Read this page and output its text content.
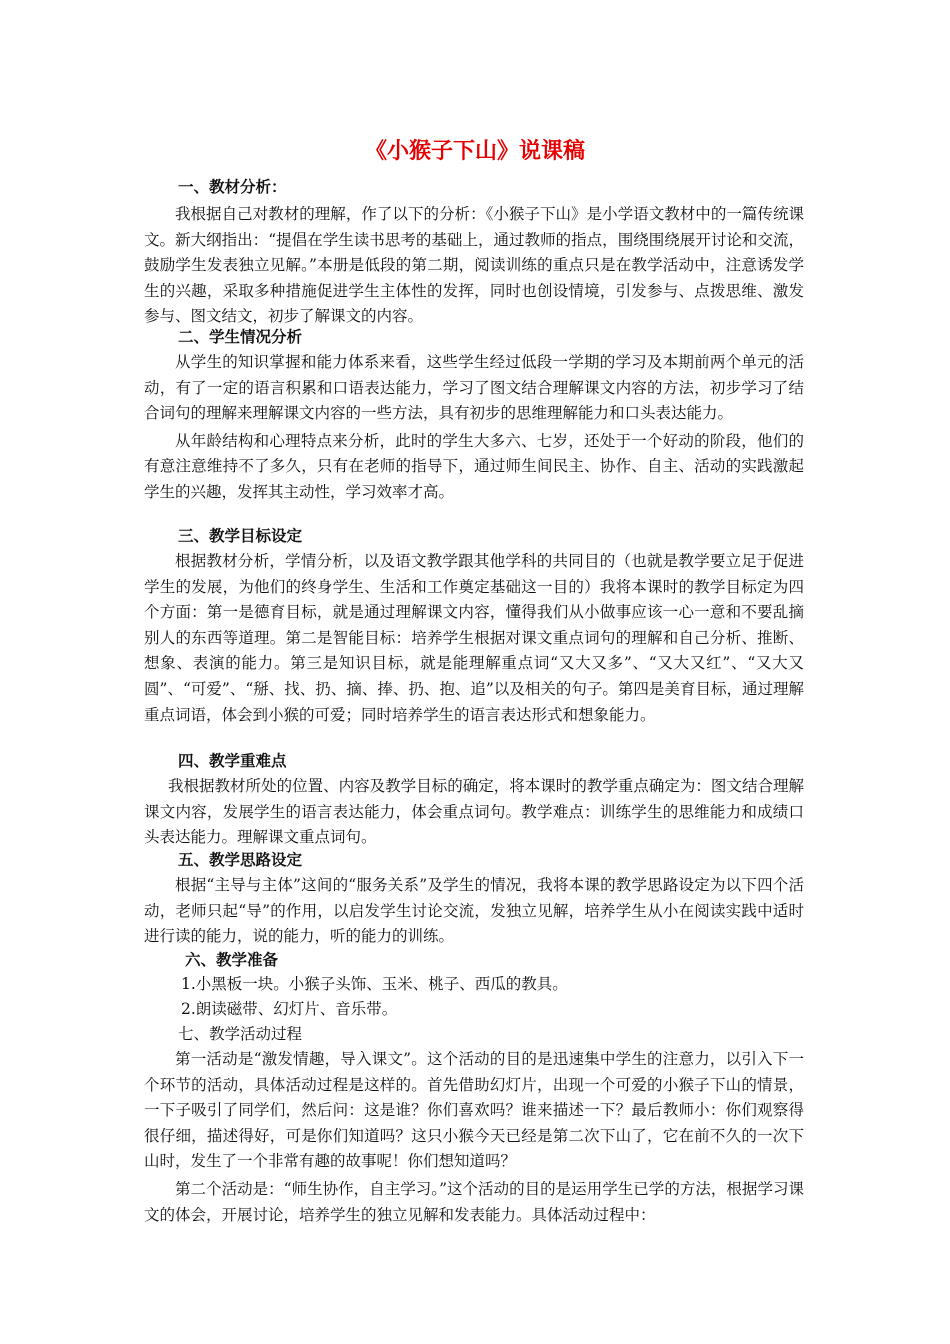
《小猴子下山》说课稿
一、教材分析：

我根据自己对教材的理解，作了以下的分析：《小猴子下山》是小学语文教材中的一篇传统课文。新大纲指出：“提倡在学生读书思考的基础上，通过教师的指点，围绕围绕展开讨论和交流，鼓励学生发表独立见解。”本册是低段的第二期，阅读训练的重点只是在教学活动中，注意诱发学生的兴趣，采取多种措施促进学生主体性的发挥，同时也创设情境，引发参与、点拨思维、激发参与、图文结文，初步了解课文的内容。

二、学生情况分析

从学生的知识掌握和能力体系来看，这些学生经过低段一学期的学习及本期前两个单元的活动，有了一定的语言积累和口语表达能力，学习了图文结合理解课文内容的方法，初步学习了结合词句的理解来理解课文内容的一些方法，具有初步的思维理解能力和口头表达能力。

从年龄结构和心理特点来分析，此时的学生大多六、七岁，还处于一个好动的阶段，他们的有意注意维持不了多久，只有在老师的指导下，通过师生间民主、协作、自主、活动的实践激起学生的兴趣，发挥其主动性，学习效率才高。

三、教学目标设定

根据教材分析，学情分析，以及语文教学跟其他学科的共同目的（也就是教学要立足于促进学生的发展，为他们的终身学生、生活和工作奠定基础这一目的）我将本课时的教学目标定为四个方面：第一是德育目标，就是通过理解课文内容，懂得我们从小做事应该一心一意和不要乱摘别人的东西等道理。第二是智能目标：培养学生根据对课文重点词句的理解和自己分析、推断、想象、表演的能力。第三是知识目标，就是能理解重点词“又大又多”、“又大又红”、“又大又圆”、“可爱”、“掰、找、扔、摘、捧、扔、抱、追”以及相关的句子。第四是美育目标，通过理解重点词语，体会到小猴的可爱；同时培养学生的语言表达形式和想象能力。

四、教学重难点

我根据教材所处的位置、内容及教学目标的确定，将本课时的教学重点确定为：图文结合理解课文内容，发展学生的语言表达能力，体会重点词句。教学难点：训练学生的思维能力和成绩口头表达能力。理解课文重点词句。

五、教学思路设定

根据“主导与主体”这间的“服务关系”及学生的情况，我将本课的教学思路设定为以下四个活动，老师只起“导”的作用，以启发学生讨论交流，发独立见解，培养学生从小在阅读实践中适时进行读的能力，说的能力，听的能力的训练。

六、教学准备
1.小黑板一块。小猴子头饰、玉米、桃子、西瓜的教具。
2.朗读磁带、幻灯片、音乐带。
七、教学活动过程

第一活动是“激发情趣，导入课文”。这个活动的目的是迅速集中学生的注意力，以引入下一个环节的活动，具体活动过程是这样的。首先借助幻灯片，出现一个可爱的小猴子下山的情景，一下子吸引了同学们，然后问：这是谁？你们喜欢吗？谁来描述一下？最后教师小：你们观察得很仔细，描述得好，可是你们知道吗？这只小猴今天已经是第二次下山了，它在前不久的一次下山时，发生了一个非常有趣的故事呢！你们想知道吗？

第二个活动是：“师生协作，自主学习。”这个活动的目的是运用学生已学的方法，根据学习课文的体会，开展讨论，培养学生的独立见解和发表能力。具体活动过程中：
